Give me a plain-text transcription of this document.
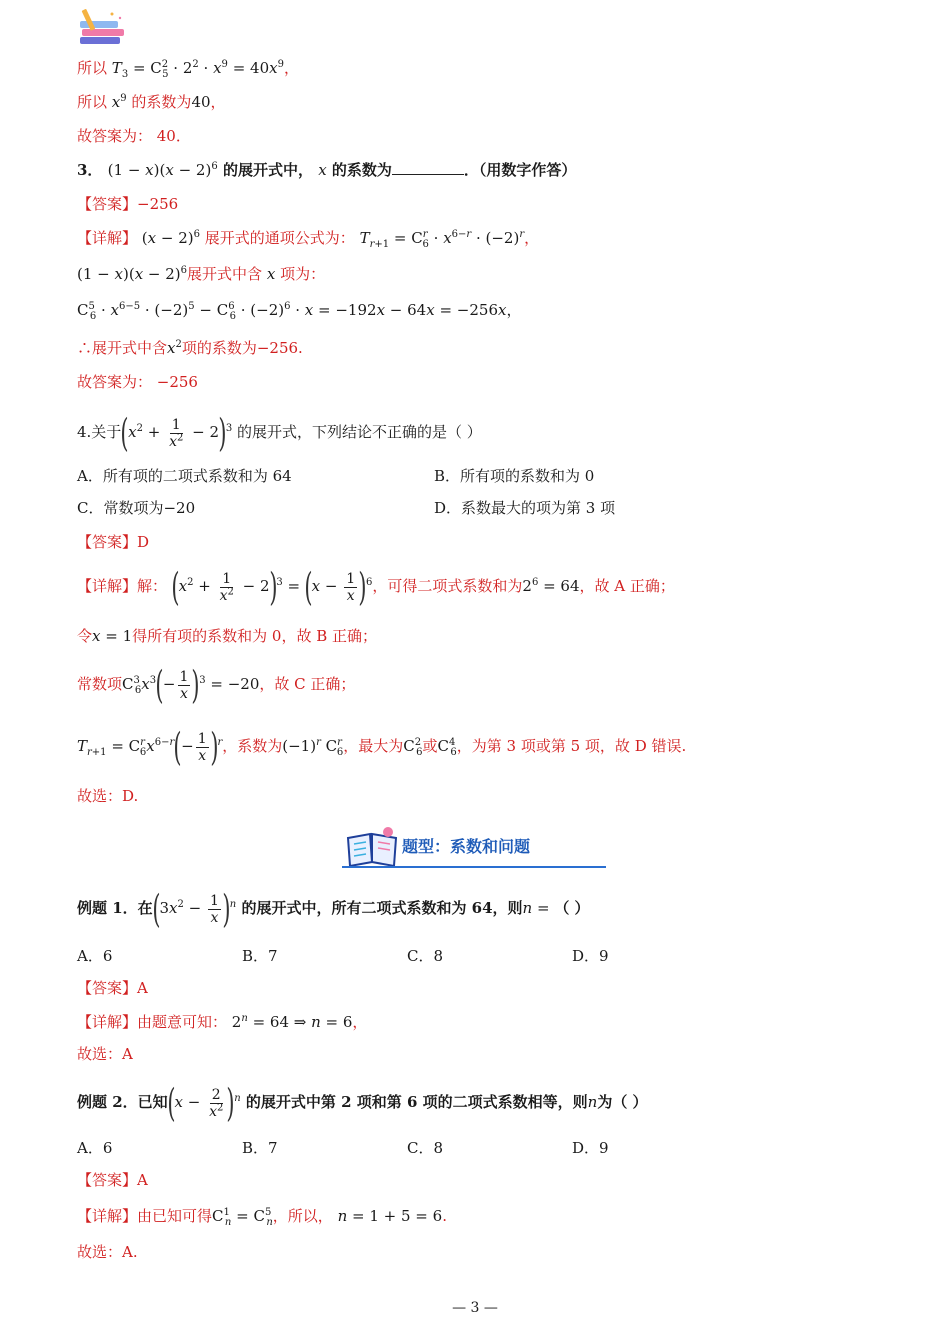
所以 $T_3 = C^2_5 \cdot 2^2 \cdot x^9 = 40x^9$，
所以 $x^9$ 的系数为40，
故答案为： 40．
3． $(1 - x)(x - 2)^6$ 的展开式中， x 的系数为	．（用数字作答）
【答案】−256
【详解】 $(x - 2)^6$ 展开式的通项公式为： $T_{r+1} = C^r_6 \cdot x^{6-r} \cdot (-2)^r$，
$(1 - x)(x - 2)^6$展开式中含 x 项为：
$C^5_6 \cdot x^{6-5} \cdot (-2)^5 - C^6_6 \cdot (-2)^6 \cdot x = -192x - 64x = -256x$，
∴展开式中含$x^2$项的系数为−256.
故答案为： −256
4.关于$(x^2 + \frac{1}{x^2} - 2)^3$ 的展开式，下列结论不正确的是（ ）
A．所有项的二项式系数和为 64	B．所有项的系数和为 0
C．常数项为−20	D．系数最大的项为第 3 项
【答案】D
【详解】解： $(x^2 + \frac{1}{x^2} - 2)^3 = (x - \frac{1}{x} )^6$，可得二项式系数和为$2^6 = 64$，故 A 正确；
令x = 1得所有项的系数和为 0，故 B 正确；
常数项$C^3_6x^3(- \frac{1}{x} )^3 = -20$，故 C 正确；
$T_{r+1} = C^r_6x^{6-r}(- \frac{1}{x} )^r$，系数为$(-1)^r$ $C^r_6$，最大为$C^2_6$或$C^4_6$，为第 3 项或第 5 项，故 D 错误.
故选：D.
题型：系数和问题
例题 1．在$(3x^2 - \frac{1}{x} )^n$ 的展开式中，所有二项式系数和为 64，则n = （ ）
A．6	B．7	C．8	D．9
【答案】A
【详解】由题意可知： $2^n = 64$ ⇒ n = 6，
故选：A
例题 2．已知$(x - \frac{2}{x^2} )^n$ 的展开式中第 2 项和第 6 项的二项式系数相等，则n为（ ）
A．6	B．7	C．8	D．9
【答案】A
【详解】由已知可得$C^1_n = C^5_n$，所以， n = 1 + 5 = 6.
故选：A.
— 3 —
